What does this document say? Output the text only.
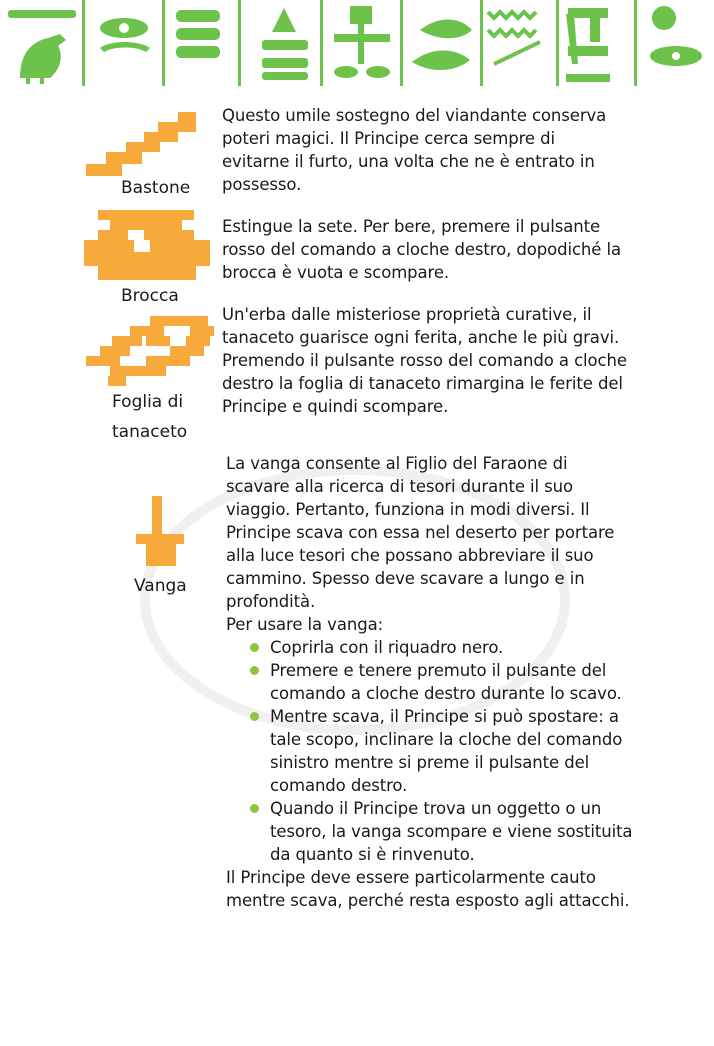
Bastone

Questo umile sostegno del viandante conserva poteri magici. Il Principe cerca sempre di evitarne il furto, una volta che ne è entrato in possesso.

Brocca

Estingue la sete. Per bere, premere il pulsante rosso del comando a cloche destro, dopodiché la brocca è vuota e scompare.

Foglia di
tanaceto

Un'erba dalle misteriose proprietà curative, il tanaceto guarisce ogni ferita, anche le più gravi. Premendo il pulsante rosso del comando a cloche destro la foglia di tanaceto rimargina le ferite del Principe e quindi scompare.

Vanga

La vanga consente al Figlio del Faraone di scavare alla ricerca di tesori durante il suo viaggio. Pertanto, funziona in modi diversi. Il Principe scava con essa nel deserto per portare alla luce tesori che possano abbreviare il suo cammino. Spesso deve scavare a lungo e in profondità.

Per usare la vanga:

Coprirla con il riquadro nero.
Premere e tenere premuto il pulsante del comando a cloche destro durante lo scavo.
Mentre scava, il Principe si può spostare: a tale scopo, inclinare la cloche del comando sinistro mentre si preme il pulsante del comando destro.
Quando il Principe trova un oggetto o un tesoro, la vanga scompare e viene sostituita da quanto si è rinvenuto.

Il Principe deve essere particolarmente cauto mentre scava, perché resta esposto agli attacchi.
